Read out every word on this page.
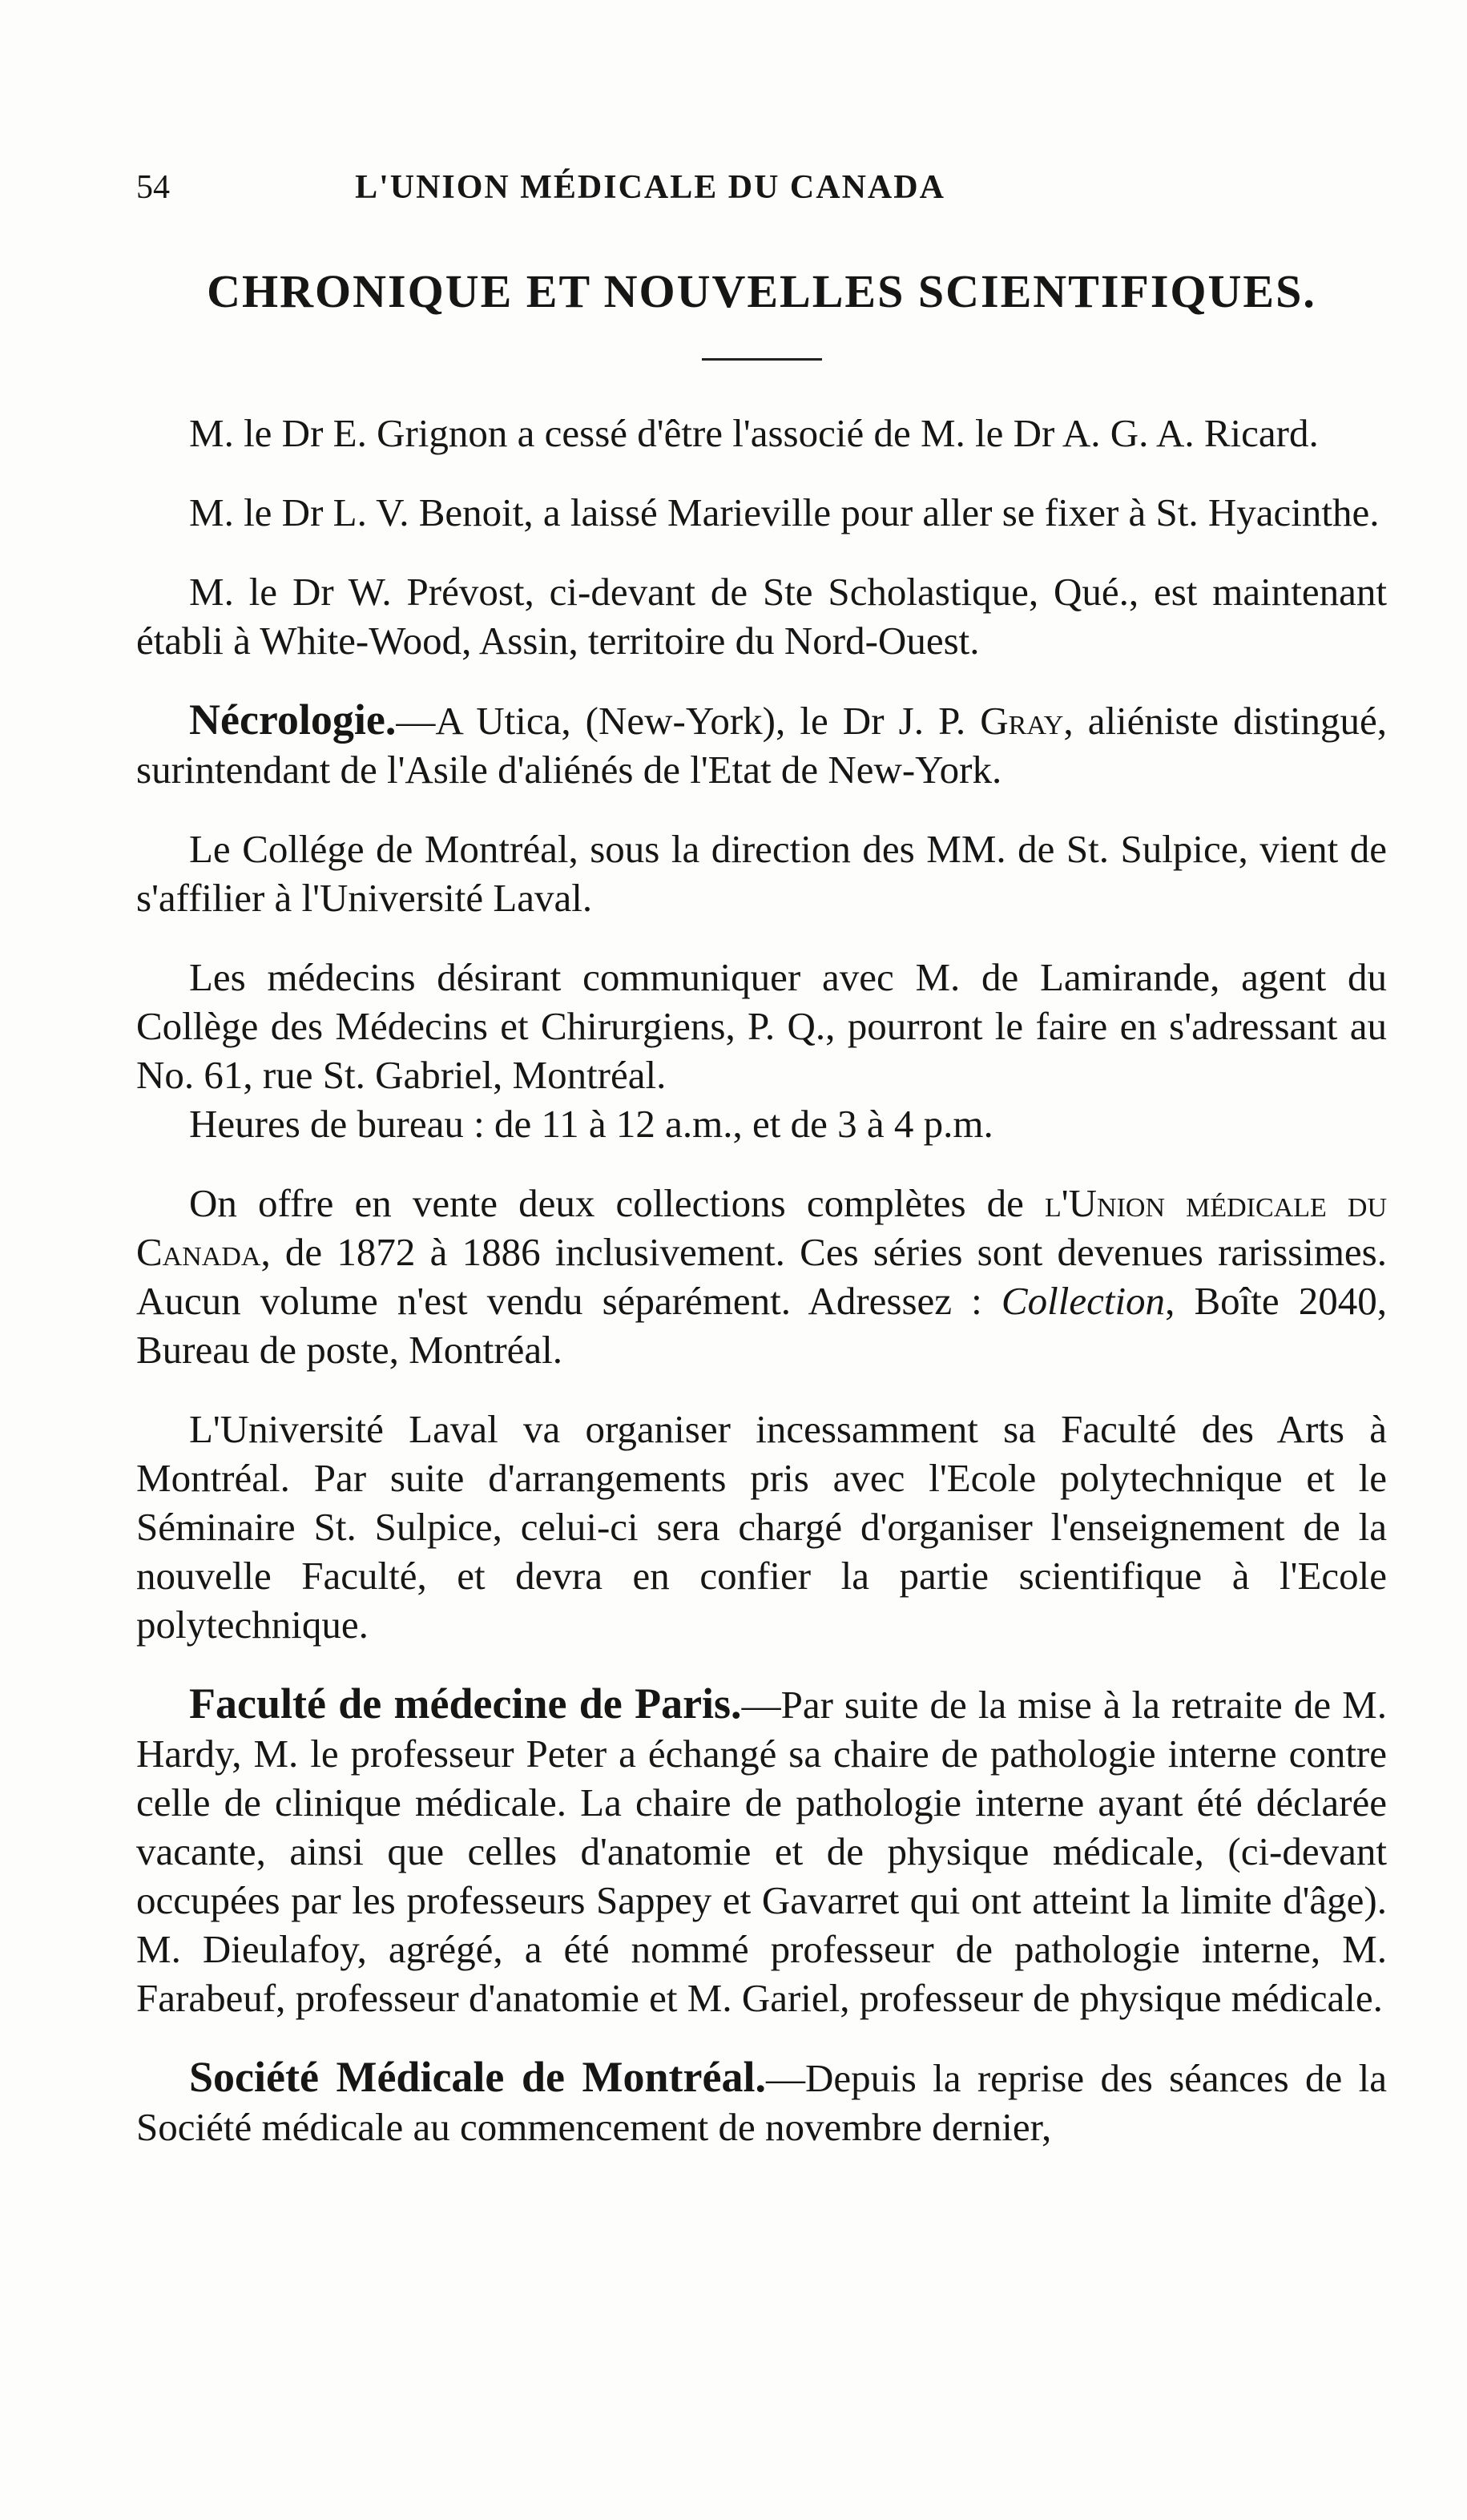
54	L'UNION MÉDICALE DU CANADA
CHRONIQUE ET NOUVELLES SCIENTIFIQUES.

M. le Dr E. Grignon a cessé d'être l'associé de M. le Dr A. G. A. Ricard.

M. le Dr L. V. Benoit, a laissé Marieville pour aller se fixer à St. Hyacinthe.

M. le Dr W. Prévost, ci-devant de Ste Scholastique, Qué., est maintenant établi à White-Wood, Assin, territoire du Nord-Ouest.

Nécrologie.—A Utica, (New-York), le Dr J. P. Gray, aliéniste distingué, surintendant de l'Asile d'aliénés de l'Etat de New-York.

Le Collége de Montréal, sous la direction des MM. de St. Sulpice, vient de s'affilier à l'Université Laval.

Les médecins désirant communiquer avec M. de Lamirande, agent du Collège des Médecins et Chirurgiens, P. Q., pourront le faire en s'adressant au No. 61, rue St. Gabriel, Montréal.

Heures de bureau : de 11 à 12 a.m., et de 3 à 4 p.m.

On offre en vente deux collections complètes de l'Union médicale du Canada, de 1872 à 1886 inclusivement. Ces séries sont devenues rarissimes. Aucun volume n'est vendu séparément. Adressez : Collection, Boîte 2040, Bureau de poste, Montréal.

L'Université Laval va organiser incessamment sa Faculté des Arts à Montréal. Par suite d'arrangements pris avec l'Ecole polytechnique et le Séminaire St. Sulpice, celui-ci sera chargé d'organiser l'enseignement de la nouvelle Faculté, et devra en confier la partie scientifique à l'Ecole polytechnique.

Faculté de médecine de Paris.—Par suite de la mise à la retraite de M. Hardy, M. le professeur Peter a échangé sa chaire de pathologie interne contre celle de clinique médicale. La chaire de pathologie interne ayant été déclarée vacante, ainsi que celles d'anatomie et de physique médicale, (ci-devant occupées par les professeurs Sappey et Gavarret qui ont atteint la limite d'âge). M. Dieulafoy, agrégé, a été nommé professeur de pathologie interne, M. Farabeuf, professeur d'anatomie et M. Gariel, professeur de physique médicale.

Société Médicale de Montréal.—Depuis la reprise des séances de la Société médicale au commencement de novembre dernier,
